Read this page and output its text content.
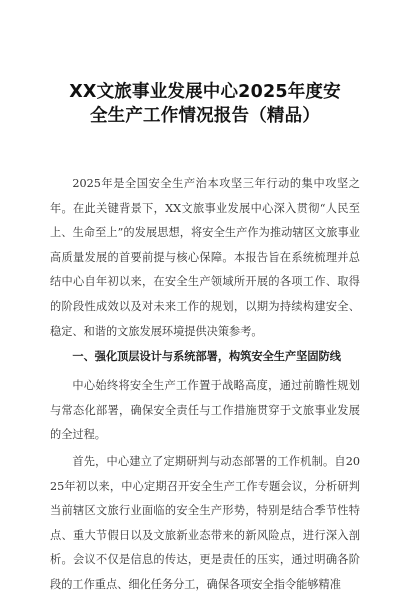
XX文旅事业发展中心2025年度安
全生产工作情况报告（精品）

2025年是全国安全生产治本攻坚三年行动的集中攻坚之年。在此关键背景下，XX文旅事业发展中心深入贯彻“人民至上、生命至上”的发展思想，将安全生产作为推动辖区文旅事业高质量发展的首要前提与核心保障。本报告旨在系统梳理并总结中心自年初以来，在安全生产领域所开展的各项工作、取得的阶段性成效以及对未来工作的规划，以期为持续构建安全、稳定、和谐的文旅发展环境提供决策参考。

一、强化顶层设计与系统部署，构筑安全生产坚固防线

中心始终将安全生产工作置于战略高度，通过前瞻性规划与常态化部署，确保安全责任与工作措施贯穿于文旅事业发展的全过程。

首先，中心建立了定期研判与动态部署的工作机制。自2025年初以来，中心定期召开安全生产工作专题会议，分析研判当前辖区文旅行业面临的安全生产形势，特别是结合季节性特点、重大节假日以及文旅新业态带来的新风险点，进行深入剖析。会议不仅是信息的传达，更是责任的压实，通过明确各阶段的工作重点、细化任务分工，确保各项安全指令能够精准
